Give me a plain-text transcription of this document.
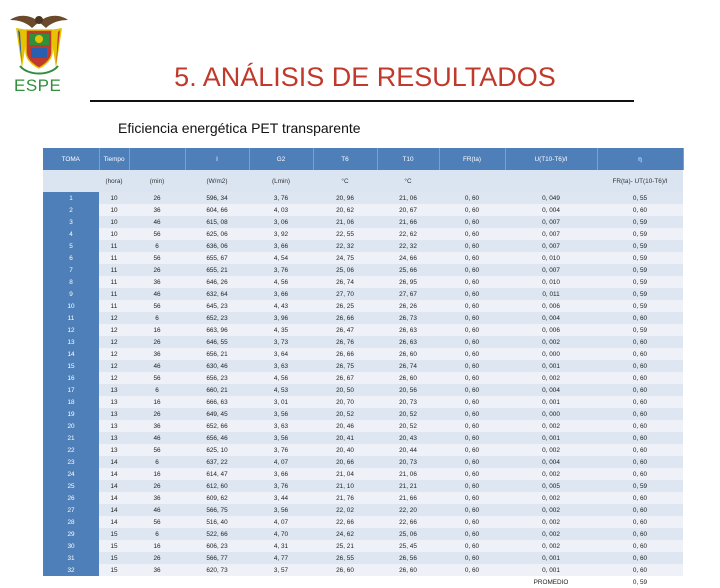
ESPE	5. ANÁLISIS DE RESULTADOS
Eficiencia energética PET transparente
TOMA	Tiempo		I	G2	T6	T10	FR(ta)	U(T10-T6)/I	η
	(hora)	(min)	(W/m2)	(Lmin)	°C	°C			FR(ta)- UT(10-T6)/I
1	10	26	596, 34	3, 76	20, 96	21, 06	0, 60	0, 049	0, 55
2	10	36	604, 66	4, 03	20, 62	20, 67	0, 60	0, 004	0, 60
3	10	46	615, 08	3, 06	21, 06	21, 66	0, 60	0, 007	0, 59
4	10	56	625, 06	3, 92	22, 55	22, 62	0, 60	0, 007	0, 59
5	11	6	636, 06	3, 66	22, 32	22, 32	0, 60	0, 007	0, 59
6	11	56	655, 67	4, 54	24, 75	24, 66	0, 60	0, 010	0, 59
7	11	26	655, 21	3, 76	25, 06	25, 66	0, 60	0, 007	0, 59
8	11	36	646, 26	4, 56	26, 74	26, 95	0, 60	0, 010	0, 59
9	11	46	632, 64	3, 66	27, 70	27, 67	0, 60	0, 011	0, 59
10	11	56	645, 23	4, 43	26, 25	26, 26	0, 60	0, 006	0, 59
11	12	6	652, 23	3, 96	26, 66	26, 73	0, 60	0, 004	0, 60
12	12	16	663, 96	4, 35	26, 47	26, 63	0, 60	0, 006	0, 59
13	12	26	646, 55	3, 73	26, 76	26, 63	0, 60	0, 002	0, 60
14	12	36	656, 21	3, 64	26, 66	26, 60	0, 60	0, 000	0, 60
15	12	46	630, 46	3, 63	26, 75	26, 74	0, 60	0, 001	0, 60
16	12	56	656, 23	4, 56	26, 67	26, 60	0, 60	0, 002	0, 60
17	13	6	660, 21	4, 53	20, 50	20, 56	0, 60	0, 004	0, 60
18	13	16	666, 63	3, 01	20, 70	20, 73	0, 60	0, 001	0, 60
19	13	26	649, 45	3, 56	20, 52	20, 52	0, 60	0, 000	0, 60
20	13	36	652, 66	3, 63	20, 46	20, 52	0, 60	0, 002	0, 60
21	13	46	656, 46	3, 56	20, 41	20, 43	0, 60	0, 001	0, 60
22	13	56	625, 10	3, 76	20, 40	20, 44	0, 60	0, 002	0, 60
23	14	6	637, 22	4, 07	20, 66	20, 73	0, 60	0, 004	0, 60
24	14	16	614, 47	3, 66	21, 04	21, 06	0, 60	0, 002	0, 60
25	14	26	612, 60	3, 76	21, 10	21, 21	0, 60	0, 005	0, 59
26	14	36	609, 62	3, 44	21, 76	21, 66	0, 60	0, 002	0, 60
27	14	46	566, 75	3, 56	22, 02	22, 20	0, 60	0, 002	0, 60
28	14	56	516, 40	4, 07	22, 66	22, 66	0, 60	0, 002	0, 60
29	15	6	522, 66	4, 70	24, 62	25, 06	0, 60	0, 002	0, 60
30	15	16	606, 23	4, 31	25, 21	25, 45	0, 60	0, 002	0, 60
31	15	26	566, 77	4, 77	26, 55	26, 56	0, 60	0, 001	0, 60
32	15	36	620, 73	3, 57	26, 60	26, 60	0, 60	0, 001	0, 60
								PROMEDIO	0, 59
